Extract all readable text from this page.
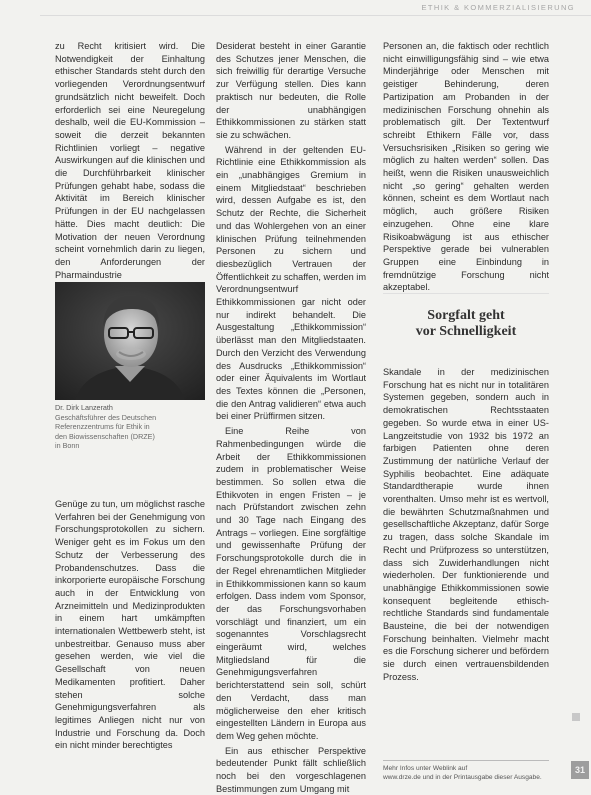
ETHIK & KOMMERZIALISIERUNG

zu Recht kritisiert wird. Die Notwendigkeit der Einhaltung ethischer Standards steht durch den vorliegenden Verordnungsentwurf grundsätzlich nicht beweifelt. Doch erforderlich sei eine Neuregelung deshalb, weil die EU-Kommission – soweit die derzeit bekannten Richtlinien vorliegt – negative Auswirkungen auf die klinischen und die Durchführbarkeit klinischer Prüfungen gehabt habe, sodass die Aktivität im Bereich klinischer Prüfungen in der EU nachgelassen hätte. Dies macht deutlich: Die Motivation der neuen Verordnung scheint vornehmlich darin zu liegen, den Anforderungen der Pharmaindustrie

Dr. Dirk Lanzerath
Geschäftsführer des Deutschen
Referenzzentrums für Ethik in
den Biowissenschaften (DRZE)
in Bonn

Genüge zu tun, um möglichst rasche Verfahren bei der Genehmigung von Forschungsprotokollen zu sichern. Weniger geht es im Fokus um den Schutz der Verbesserung des Probandenschutzes. Dass die inkorporierte europäische Forschung auch in der Entwicklung von Arzneimitteln und Medizinprodukten in einem hart umkämpften internationalen Wettbewerb steht, ist unbestreitbar. Genauso muss aber gesehen werden, wie viel die Gesellschaft von neuen Medikamenten profitiert. Daher stehen solche Genehmigungsverfahren als legitimes Anliegen nicht nur von Industrie und Forschung da. Doch ein nicht minder berechtigtes

Desiderat besteht in einer Garantie des Schutzes jener Menschen, die sich freiwillig für derartige Versuche zur Verfügung stellen. Dies kann praktisch nur bedeuten, die Rolle der unabhängigen Ethikkommissionen zu stärken statt sie zu schwächen.

Während in der geltenden EU-Richtlinie eine Ethikkommission als ein „unabhängiges Gremium in einem Mitgliedstaat“ beschrieben wird, dessen Aufgabe es ist, den Schutz der Rechte, die Sicherheit und das Wohlergehen von an einer klinischen Prüfung teilnehmenden Personen zu sichern und diesbezüglich Vertrauen der Öffentlichkeit zu schaffen, werden im Verordnungsentwurf Ethikkommissionen gar nicht oder nur indirekt behandelt. Die Ausgestaltung „Ethikkommission“ überlässt man den Mitgliedstaaten. Durch den Verzicht des Verwendung des Ausdrucks „Ethikkommission“ oder einer Äquivalents im Wortlaut des Textes können die „Personen, die den Antrag validieren“ etwa auch bei einer Prüffirmen sitzen.

Eine Reihe von Rahmenbedingungen würde die Arbeit der Ethikkommissionen zudem in problematischer Weise bestimmen. So sollen etwa die Ethikvoten in engen Fristen – je nach Prüfstandort zwischen zehn und 30 Tage nach Eingang des Antrags – vorliegen. Eine sorgfältige und gewissenhafte Prüfung der Forschungsprotokolle durch die in der Regel ehrenamtlichen Mitglieder in Ethikkommissionen kann so kaum erfolgen. Dass indem vom Sponsor, der das Forschungsvorhaben vorschlägt und finanziert, um ein sogenanntes Vorschlagsrecht eingeräumt wird, welches Mitgliedsland für die Genehmigungsverfahren berichterstattend sein soll, schürt den Verdacht, dass man möglicherweise den eher kritisch eingestellten Ländern in Europa aus dem Weg gehen möchte.

Ein aus ethischer Perspektive bedeutender Punkt fällt schließlich noch bei den vorgeschlagenen Bestimmungen zum Umgang mit

Personen an, die faktisch oder rechtlich nicht einwilligungsfähig sind – wie etwa Minderjährige oder Menschen mit geistiger Behinderung, deren Partizipation am Probanden in der medizinischen Forschung ohnehin als problematisch gilt. Der Textentwurf schreibt Ethikern Fälle vor, dass Versuchsrisiken „Risiken so gering wie möglich zu halten werden“ sollen. Das heißt, wenn die Risiken unausweichlich nicht „so gering“ gehalten werden können, scheint es dem Wortlaut nach möglich, auch größere Risiken einzugehen. Ohne eine klare Risikoabwägung ist aus ethischer Perspektive gerade bei vulnerablen Gruppen eine Einbindung in fremdnützige Forschung nicht akzeptabel.

Sorgfalt geht
vor Schnelligkeit

Skandale in der medizinischen Forschung hat es nicht nur in totalitären Systemen gegeben, sondern auch in demokratischen Rechtsstaaten gegeben. So wurde etwa in einer US-Langzeitstudie von 1932 bis 1972 an farbigen Patienten ohne deren Zustimmung der natürliche Verlauf der Syphilis beobachtet. Eine adäquate Standardtherapie wurde ihnen vorenthalten. Umso mehr ist es wertvoll, die bewährten Schutzmaßnahmen und gesellschaftliche Akzeptanz, dafür Sorge zu tragen, dass solche Skandale im Recht und Prüfprozess so unterstützen, dass sich Zuwiderhandlungen nicht wiederholen. Der funktionierende und unabhängige Ethikkommissionen sowie konsequent begleitende ethisch-rechtliche Standards sind fundamentale Bausteine, die bei der notwendigen Forschung beinhalten. Vielmehr macht es die Forschung sicherer und befördern sie durch einen vertrauensbildenden Prozess.

Mehr Infos unter Weblink auf
www.drze.de und in der Printausgabe dieser Ausgabe.
31
